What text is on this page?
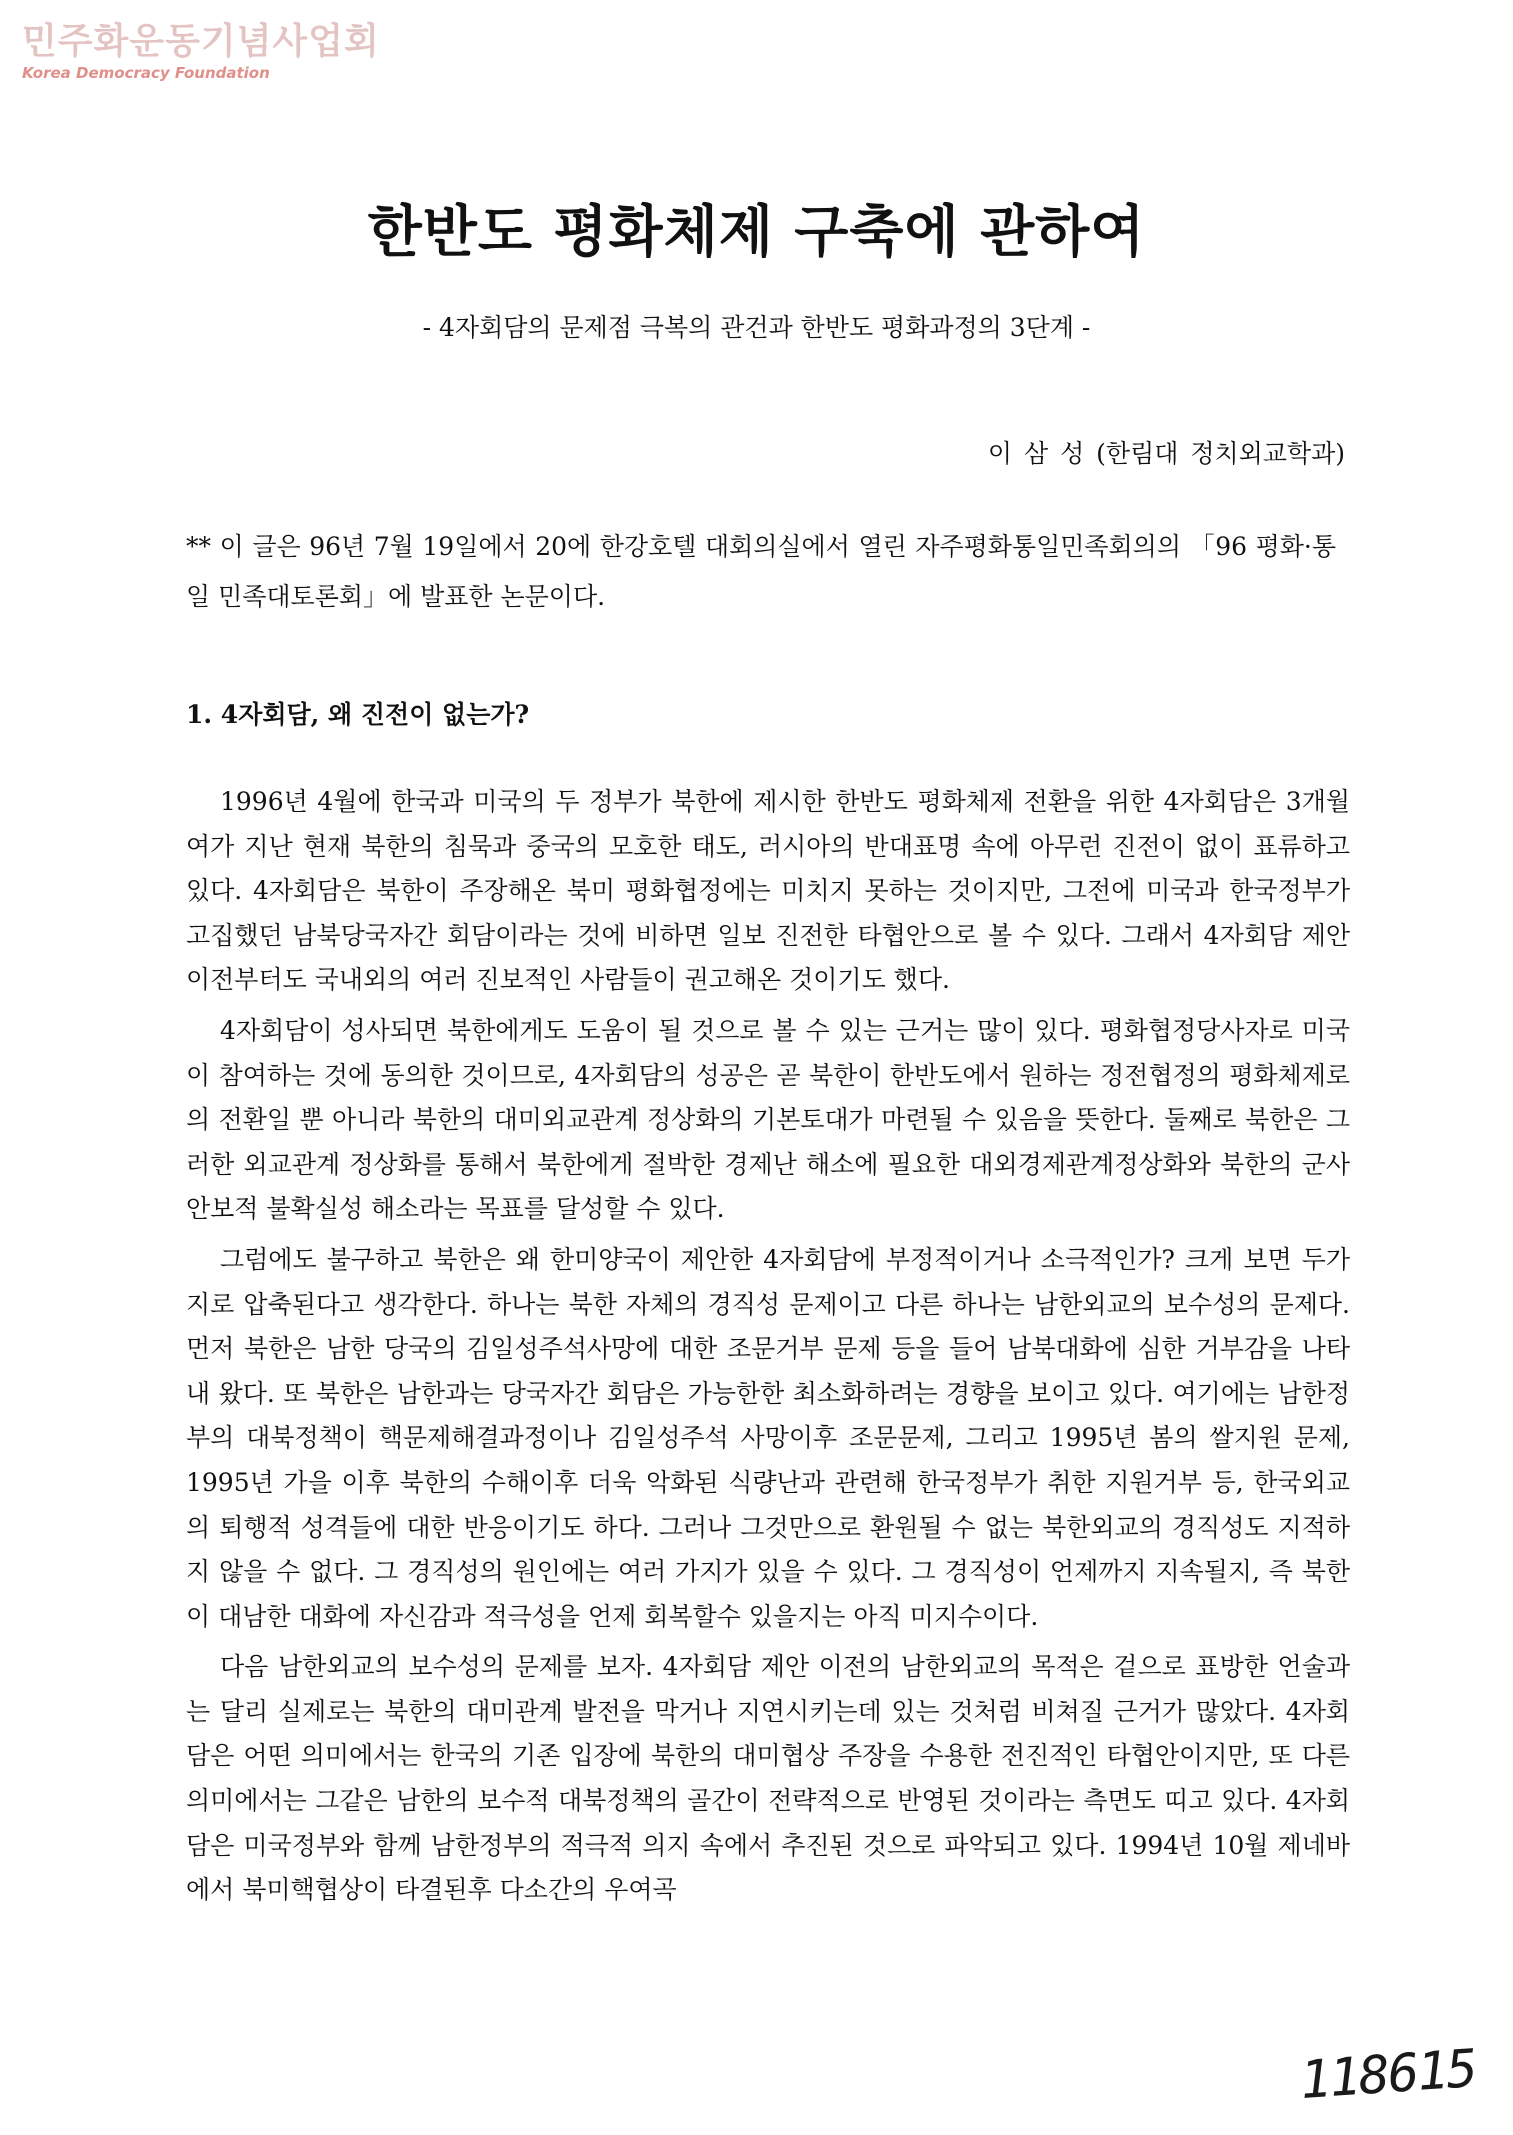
민주화운동기념사업회
Korea Democracy Foundation
한반도 평화체제 구축에 관하여
- 4자회담의 문제점 극복의 관건과 한반도 평화과정의 3단계 -
이 삼 성 (한림대 정치외교학과)
** 이 글은 96년 7월 19일에서 20에 한강호텔 대회의실에서 열린 자주평화통일민족회의의 「96 평화·통일 민족대토론회」에 발표한 논문이다.
1. 4자회담, 왜 진전이 없는가?

1996년 4월에 한국과 미국의 두 정부가 북한에 제시한 한반도 평화체제 전환을 위한 4자회담은 3개월여가 지난 현재 북한의 침묵과 중국의 모호한 태도, 러시아의 반대표명 속에 아무런 진전이 없이 표류하고 있다. 4자회담은 북한이 주장해온 북미 평화협정에는 미치지 못하는 것이지만, 그전에 미국과 한국정부가 고집했던 남북당국자간 회담이라는 것에 비하면 일보 진전한 타협안으로 볼 수 있다. 그래서 4자회담 제안 이전부터도 국내외의 여러 진보적인 사람들이 권고해온 것이기도 했다.

4자회담이 성사되면 북한에게도 도움이 될 것으로 볼 수 있는 근거는 많이 있다. 평화협정당사자로 미국이 참여하는 것에 동의한 것이므로, 4자회담의 성공은 곧 북한이 한반도에서 원하는 정전협정의 평화체제로의 전환일 뿐 아니라 북한의 대미외교관계 정상화의 기본토대가 마련될 수 있음을 뜻한다. 둘째로 북한은 그러한 외교관계 정상화를 통해서 북한에게 절박한 경제난 해소에 필요한 대외경제관계정상화와 북한의 군사안보적 불확실성 해소라는 목표를 달성할 수 있다.

그럼에도 불구하고 북한은 왜 한미양국이 제안한 4자회담에 부정적이거나 소극적인가? 크게 보면 두가지로 압축된다고 생각한다. 하나는 북한 자체의 경직성 문제이고 다른 하나는 남한외교의 보수성의 문제다. 먼저 북한은 남한 당국의 김일성주석사망에 대한 조문거부 문제 등을 들어 남북대화에 심한 거부감을 나타내 왔다. 또 북한은 남한과는 당국자간 회담은 가능한한 최소화하려는 경향을 보이고 있다. 여기에는 남한정부의 대북정책이 핵문제해결과정이나 김일성주석 사망이후 조문문제, 그리고 1995년 봄의 쌀지원 문제, 1995년 가을 이후 북한의 수해이후 더욱 악화된 식량난과 관련해 한국정부가 취한 지원거부 등, 한국외교의 퇴행적 성격들에 대한 반응이기도 하다. 그러나 그것만으로 환원될 수 없는 북한외교의 경직성도 지적하지 않을 수 없다. 그 경직성의 원인에는 여러 가지가 있을 수 있다. 그 경직성이 언제까지 지속될지, 즉 북한이 대남한 대화에 자신감과 적극성을 언제 회복할수 있을지는 아직 미지수이다.

다음 남한외교의 보수성의 문제를 보자. 4자회담 제안 이전의 남한외교의 목적은 겉으로 표방한 언술과는 달리 실제로는 북한의 대미관계 발전을 막거나 지연시키는데 있는 것처럼 비쳐질 근거가 많았다. 4자회담은 어떤 의미에서는 한국의 기존 입장에 북한의 대미협상 주장을 수용한 전진적인 타협안이지만, 또 다른 의미에서는 그같은 남한의 보수적 대북정책의 골간이 전략적으로 반영된 것이라는 측면도 띠고 있다. 4자회담은 미국정부와 함께 남한정부의 적극적 의지 속에서 추진된 것으로 파악되고 있다. 1994년 10월 제네바에서 북미핵협상이 타결된후 다소간의 우여곡

118615
